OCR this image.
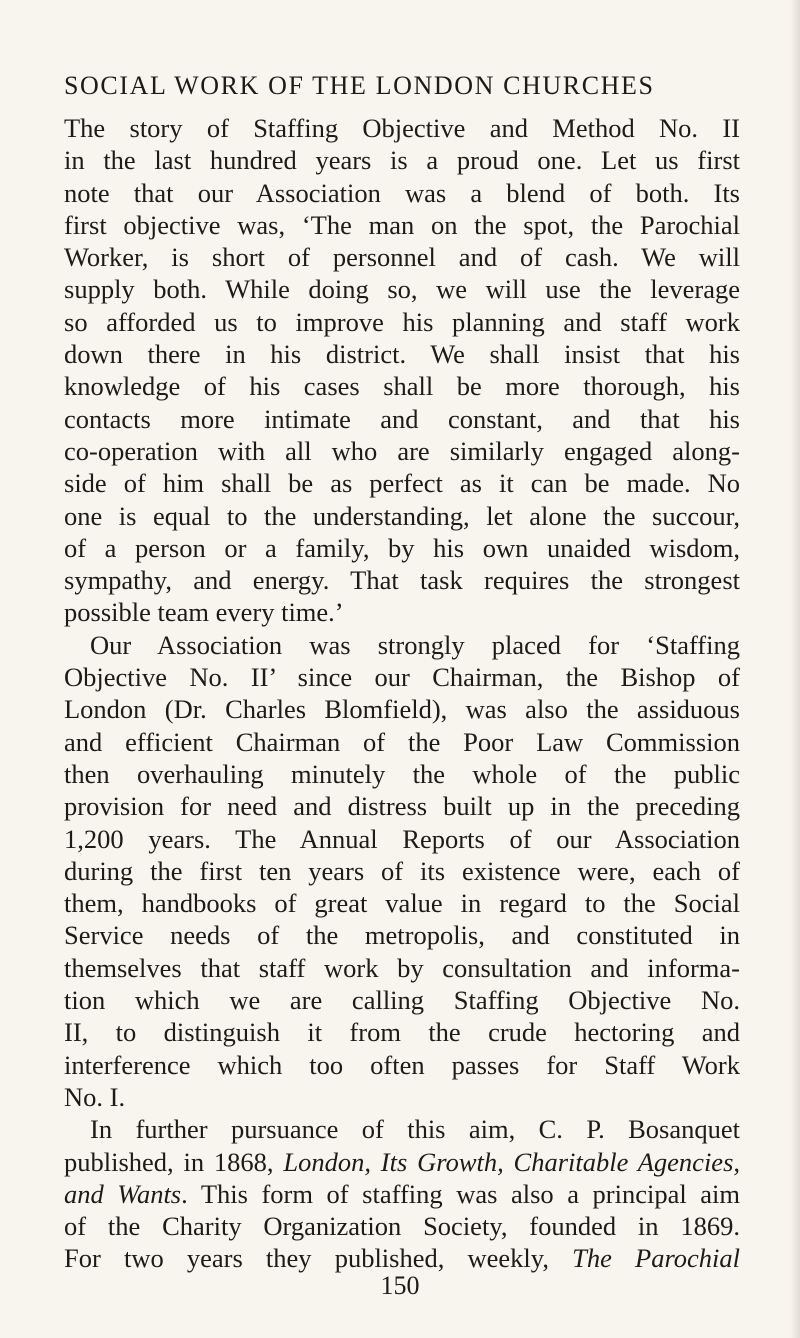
SOCIAL WORK OF THE LONDON CHURCHES
The story of Staffing Objective and Method No. II
in the last hundred years is a proud one. Let us first
note that our Association was a blend of both. Its
first objective was, ‘The man on the spot, the Parochial
Worker, is short of personnel and of cash. We will
supply both. While doing so, we will use the leverage
so afforded us to improve his planning and staff work
down there in his district. We shall insist that his
knowledge of his cases shall be more thorough, his
contacts more intimate and constant, and that his
co-operation with all who are similarly engaged along-
side of him shall be as perfect as it can be made. No
one is equal to the understanding, let alone the succour,
of a person or a family, by his own unaided wisdom,
sympathy, and energy. That task requires the strongest
possible team every time.’
Our Association was strongly placed for ‘Staffing
Objective No. II’ since our Chairman, the Bishop of
London (Dr. Charles Blomfield), was also the assiduous
and efficient Chairman of the Poor Law Commission
then overhauling minutely the whole of the public
provision for need and distress built up in the preceding
1,200 years. The Annual Reports of our Association
during the first ten years of its existence were, each of
them, handbooks of great value in regard to the Social
Service needs of the metropolis, and constituted in
themselves that staff work by consultation and informa-
tion which we are calling Staffing Objective No.
II, to distinguish it from the crude hectoring and
interference which too often passes for Staff Work
No. I.
In further pursuance of this aim, C. P. Bosanquet
published, in 1868, London, Its Growth, Charitable Agencies,
and Wants. This form of staffing was also a principal aim
of the Charity Organization Society, founded in 1869.
For two years they published, weekly, The Parochial
150
